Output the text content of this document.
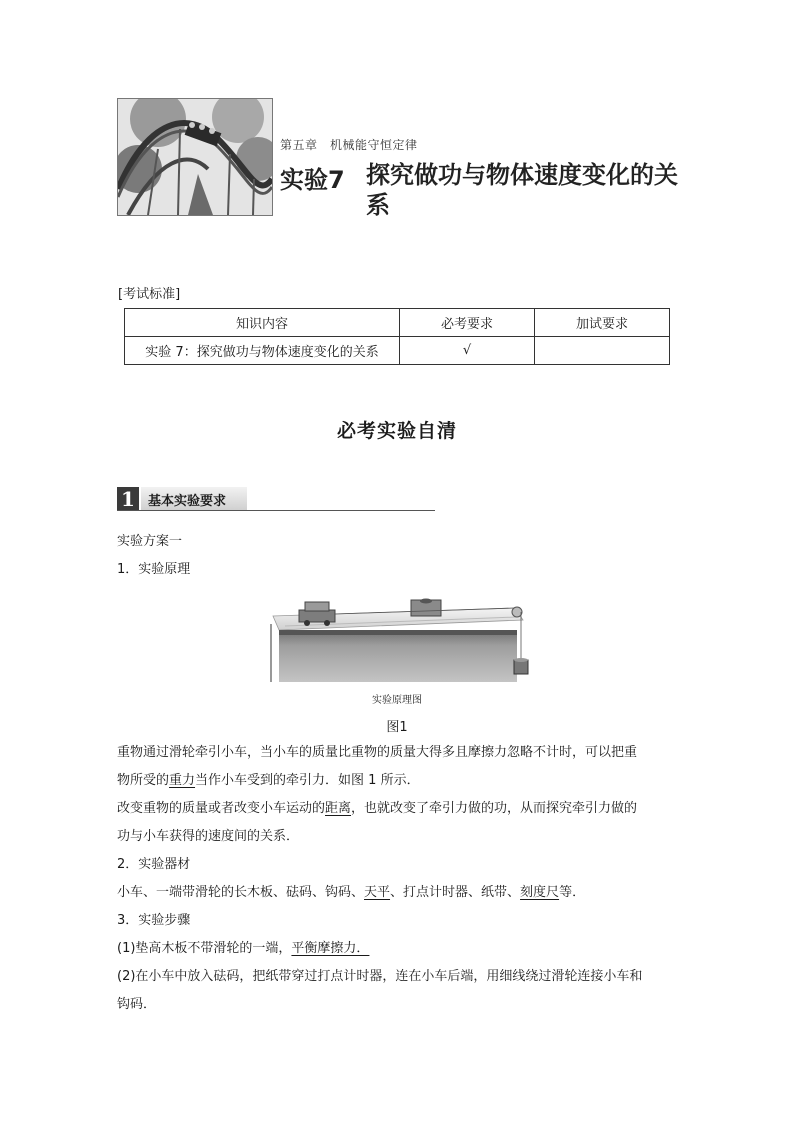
第五章　机械能守恒定律
实验7 探究做功与物体速度变化的关系
[考试标准]
知识内容	必考要求	加试要求
实验 7：探究做功与物体速度变化的关系	√	
必考实验自清
1	基本实验要求
实验方案一
1．实验原理
实验原理图
图1
重物通过滑轮牵引小车，当小车的质量比重物的质量大得多且摩擦力忽略不计时，可以把重
物所受的重力当作小车受到的牵引力．如图 1 所示．
改变重物的质量或者改变小车运动的距离，也就改变了牵引力做的功，从而探究牵引力做的
功与小车获得的速度间的关系．
2．实验器材
小车、一端带滑轮的长木板、砝码、钩码、天平、打点计时器、纸带、刻度尺等．
3．实验步骤
(1)垫高木板不带滑轮的一端，平衡摩擦力．
(2)在小车中放入砝码，把纸带穿过打点计时器，连在小车后端，用细线绕过滑轮连接小车和
钩码．
